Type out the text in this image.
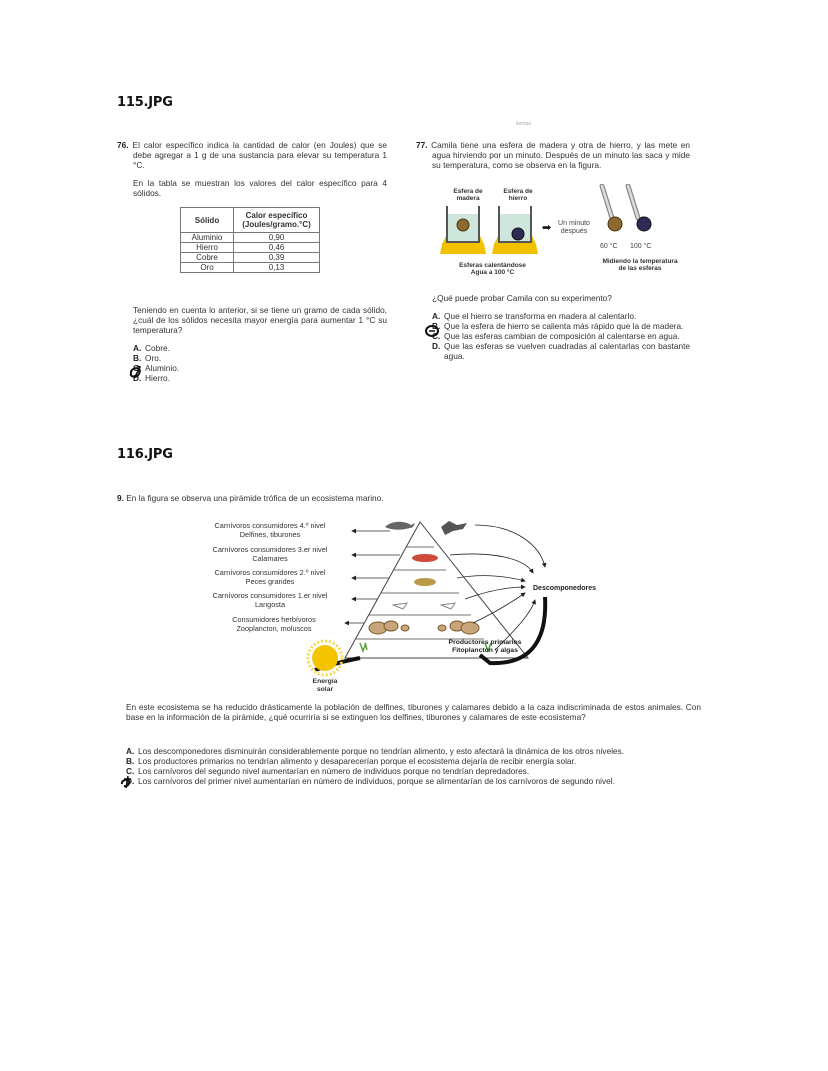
115.JPG
tiempo
76. El calor específico indica la cantidad de calor (en Joules) que se debe agregar a 1 g de una sustancia para elevar su temperatura 1 °C.
En la tabla se muestran los valores del calor específico para 4 sólidos.
Sólido	Calor específico (Joules/gramo.°C)
Aluminio	0,90
Hierro	0,46
Cobre	0,39
Oro	0,13
Teniendo en cuenta lo anterior, si se tiene un gramo de cada sólido, ¿cuál de los sólidos necesita mayor energía para aumentar 1 °C su temperatura?
A. Cobre.
B. Oro.
C. Aluminio.
D. Hierro.
77. Camila tiene una esfera de madera y otra de hierro, y las mete en agua hirviendo por un minuto. Después de un minuto las saca y mide su temperatura, como se observa en la figura.
Esfera de madera
Esfera de hierro
Esferas calentándose
Agua a 100 °C
➡ Un minuto
después
60 °C 100 °C
Midiendo la temperatura
de las esferas
¿Qué puede probar Camila con su experimento?
A. Que el hierro se transforma en madera al calentarlo.
B. Que la esfera de hierro se calienta más rápido que la de madera.
C. Que las esferas cambian de composición al calentarse en agua.
D. Que las esferas se vuelven cuadradas al calentarlas con bastante agua.
116.JPG
9. En la figura se observa una pirámide trófica de un ecosistema marino.
Carnívoros consumidores 4.º nivel
Delfines, tiburones
Carnívoros consumidores 3.er nivel
Calamares
Carnívoros consumidores 2.º nivel
Peces grandes
Carnívoros consumidores 1.er nivel
Langosta
Consumidores herbívoros
Zooplancton, moluscos
Productores primarios
Fitoplancton y algas
Descomponedores
Energía
solar
En este ecosistema se ha reducido drásticamente la población de delfines, tiburones y calamares debido a la caza indiscriminada de estos animales. Con base en la información de la pirámide, ¿qué ocurriría si se extinguen los delfines, tiburones y calamares de este ecosistema?
A. Los descomponedores disminuirán considerablemente porque no tendrían alimento, y esto afectará la dinámica de los otros niveles.
B. Los productores primarios no tendrían alimento y desaparecerían porque el ecosistema dejaría de recibir energía solar.
C. Los carnívoros del segundo nivel aumentarían en número de individuos porque no tendrían depredadores.
D. Los carnívoros del primer nivel aumentarían en número de individuos, porque se alimentarían de los carnívoros de segundo nivel.
